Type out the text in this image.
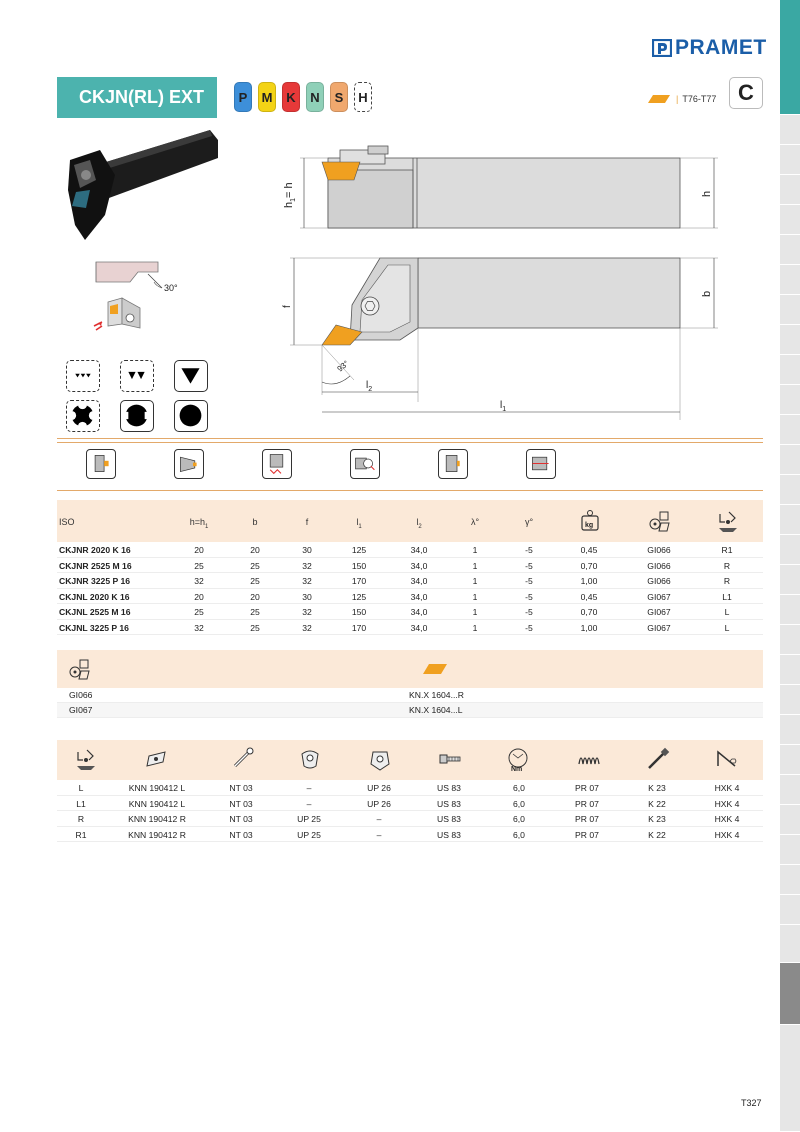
PRAMET
CKJN(RL) EXT	P	M	K	N	S	H	| T76-T77 C
30°
$h_1= h$	h
f
b
93°
$l_2$
$l_1$
ISO	$h=h_1$	b	f	$l_1$	$l_2$	λ°	γ°	kg
CKJNR 2020 K 16	20	20	30	125	34,0	1	-5	0,45	GI066	R1
CKJNR 2525 M 16	25	25	32	150	34,0	1	-5	0,70	GI066	R
CKJNR 3225 P 16	32	25	32	170	34,0	1	-5	1,00	GI066	R
CKJNL 2020 K 16	20	20	30	125	34,0	1	-5	0,45	GI067	L1
CKJNL 2525 M 16	25	25	32	150	34,0	1	-5	0,70	GI067	L
CKJNL 3225 P 16	32	25	32	170	34,0	1	-5	1,00	GI067	L
GI066	KN.X 1604...R
GI067	KN.X 1604...L
Nm
L	KNN 190412 L	NT 03	–	UP 26	US 83	6,0	PR 07	K 23	HXK 4
L1	KNN 190412 L	NT 03	–	UP 26	US 83	6,0	PR 07	K 22	HXK 4
R	KNN 190412 R	NT 03	UP 25	–	US 83	6,0	PR 07	K 23	HXK 4
R1	KNN 190412 R	NT 03	UP 25	–	US 83	6,0	PR 07	K 22	HXK 4
T327
